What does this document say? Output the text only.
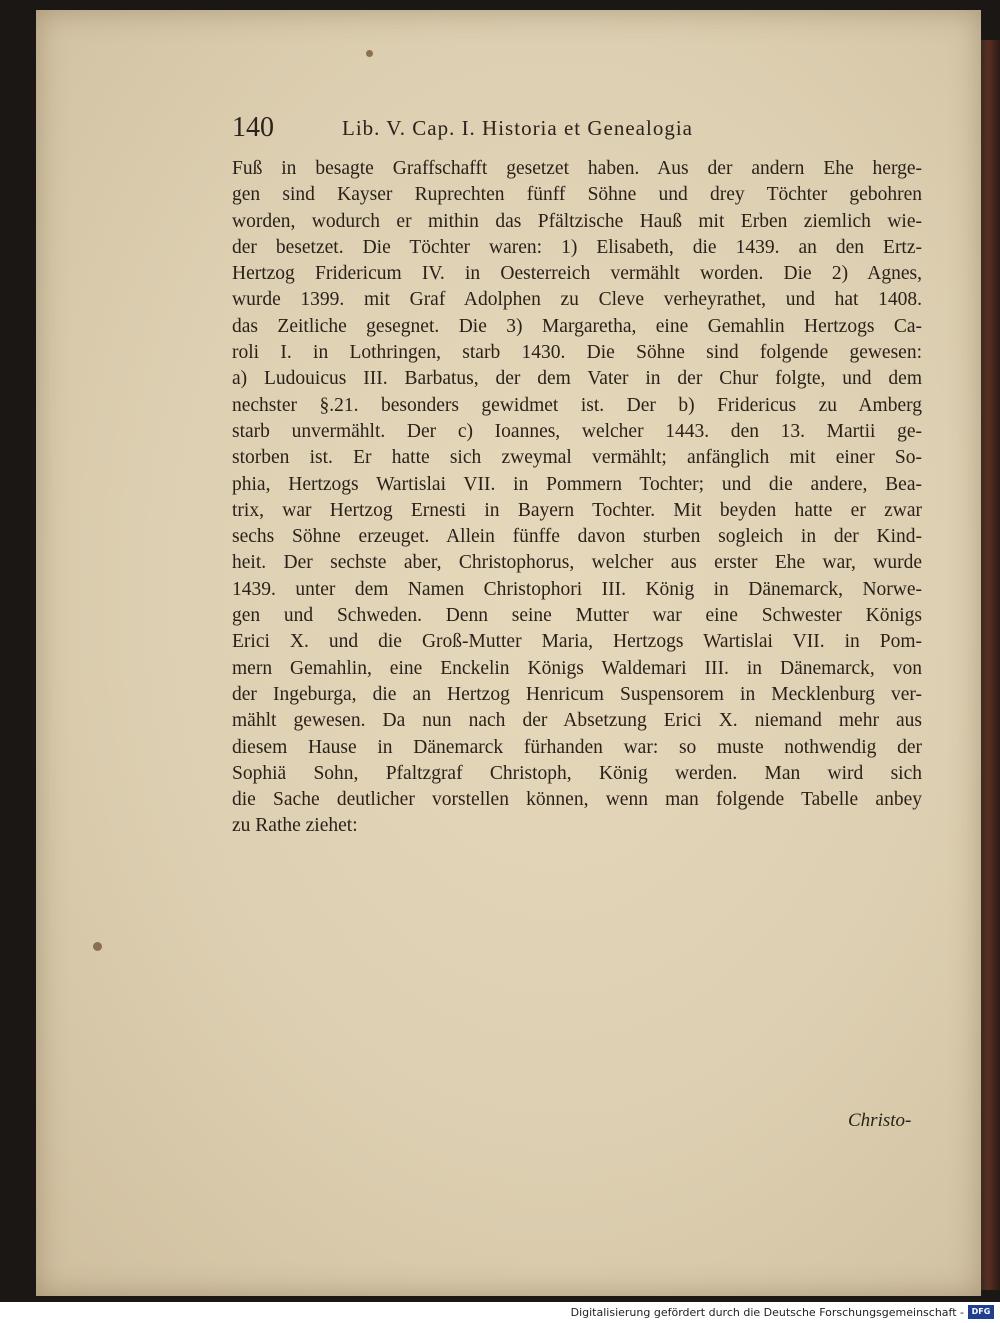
140	Lib. V. Cap. I. Historia et Genealogia
Fuß in besagte Graffschafft gesetzet haben. Aus der andern Ehe herge-
gen sind Kayser Ruprechten fünff Söhne und drey Töchter gebohren
worden, wodurch er mithin das Pfältzische Hauß mit Erben ziemlich wie-
der besetzet. Die Töchter waren: 1) Elisabeth, die 1439. an den Ertz-
Hertzog Fridericum IV. in Oesterreich vermählt worden. Die 2) Agnes,
wurde 1399. mit Graf Adolphen zu Cleve verheyrathet, und hat 1408.
das Zeitliche gesegnet. Die 3) Margaretha, eine Gemahlin Hertzogs Ca-
roli I. in Lothringen, starb 1430. Die Söhne sind folgende gewesen:
a) Ludouicus III. Barbatus, der dem Vater in der Chur folgte, und dem
nechster §.21. besonders gewidmet ist. Der b) Fridericus zu Amberg
starb unvermählt. Der c) Ioannes, welcher 1443. den 13. Martii ge-
storben ist. Er hatte sich zweymal vermählt; anfänglich mit einer So-
phia, Hertzogs Wartislai VII. in Pommern Tochter; und die andere, Bea-
trix, war Hertzog Ernesti in Bayern Tochter. Mit beyden hatte er zwar
sechs Söhne erzeuget. Allein fünffe davon sturben sogleich in der Kind-
heit. Der sechste aber, Christophorus, welcher aus erster Ehe war, wurde
1439. unter dem Namen Christophori III. König in Dänemarck, Norwe-
gen und Schweden. Denn seine Mutter war eine Schwester Königs
Erici X. und die Groß-Mutter Maria, Hertzogs Wartislai VII. in Pom-
mern Gemahlin, eine Enckelin Königs Waldemari III. in Dänemarck, von
der Ingeburga, die an Hertzog Henricum Suspensorem in Mecklenburg ver-
mählt gewesen. Da nun nach der Absetzung Erici X. niemand mehr aus
diesem Hause in Dänemarck fürhanden war: so muste nothwendig der
Sophiä Sohn, Pfaltzgraf Christoph, König werden. Man wird sich
die Sache deutlicher vorstellen können, wenn man folgende Tabelle anbey
zu Rathe ziehet:
Christo-
Digitalisierung gefördert durch die Deutsche Forschungsgemeinschaft - DFG
